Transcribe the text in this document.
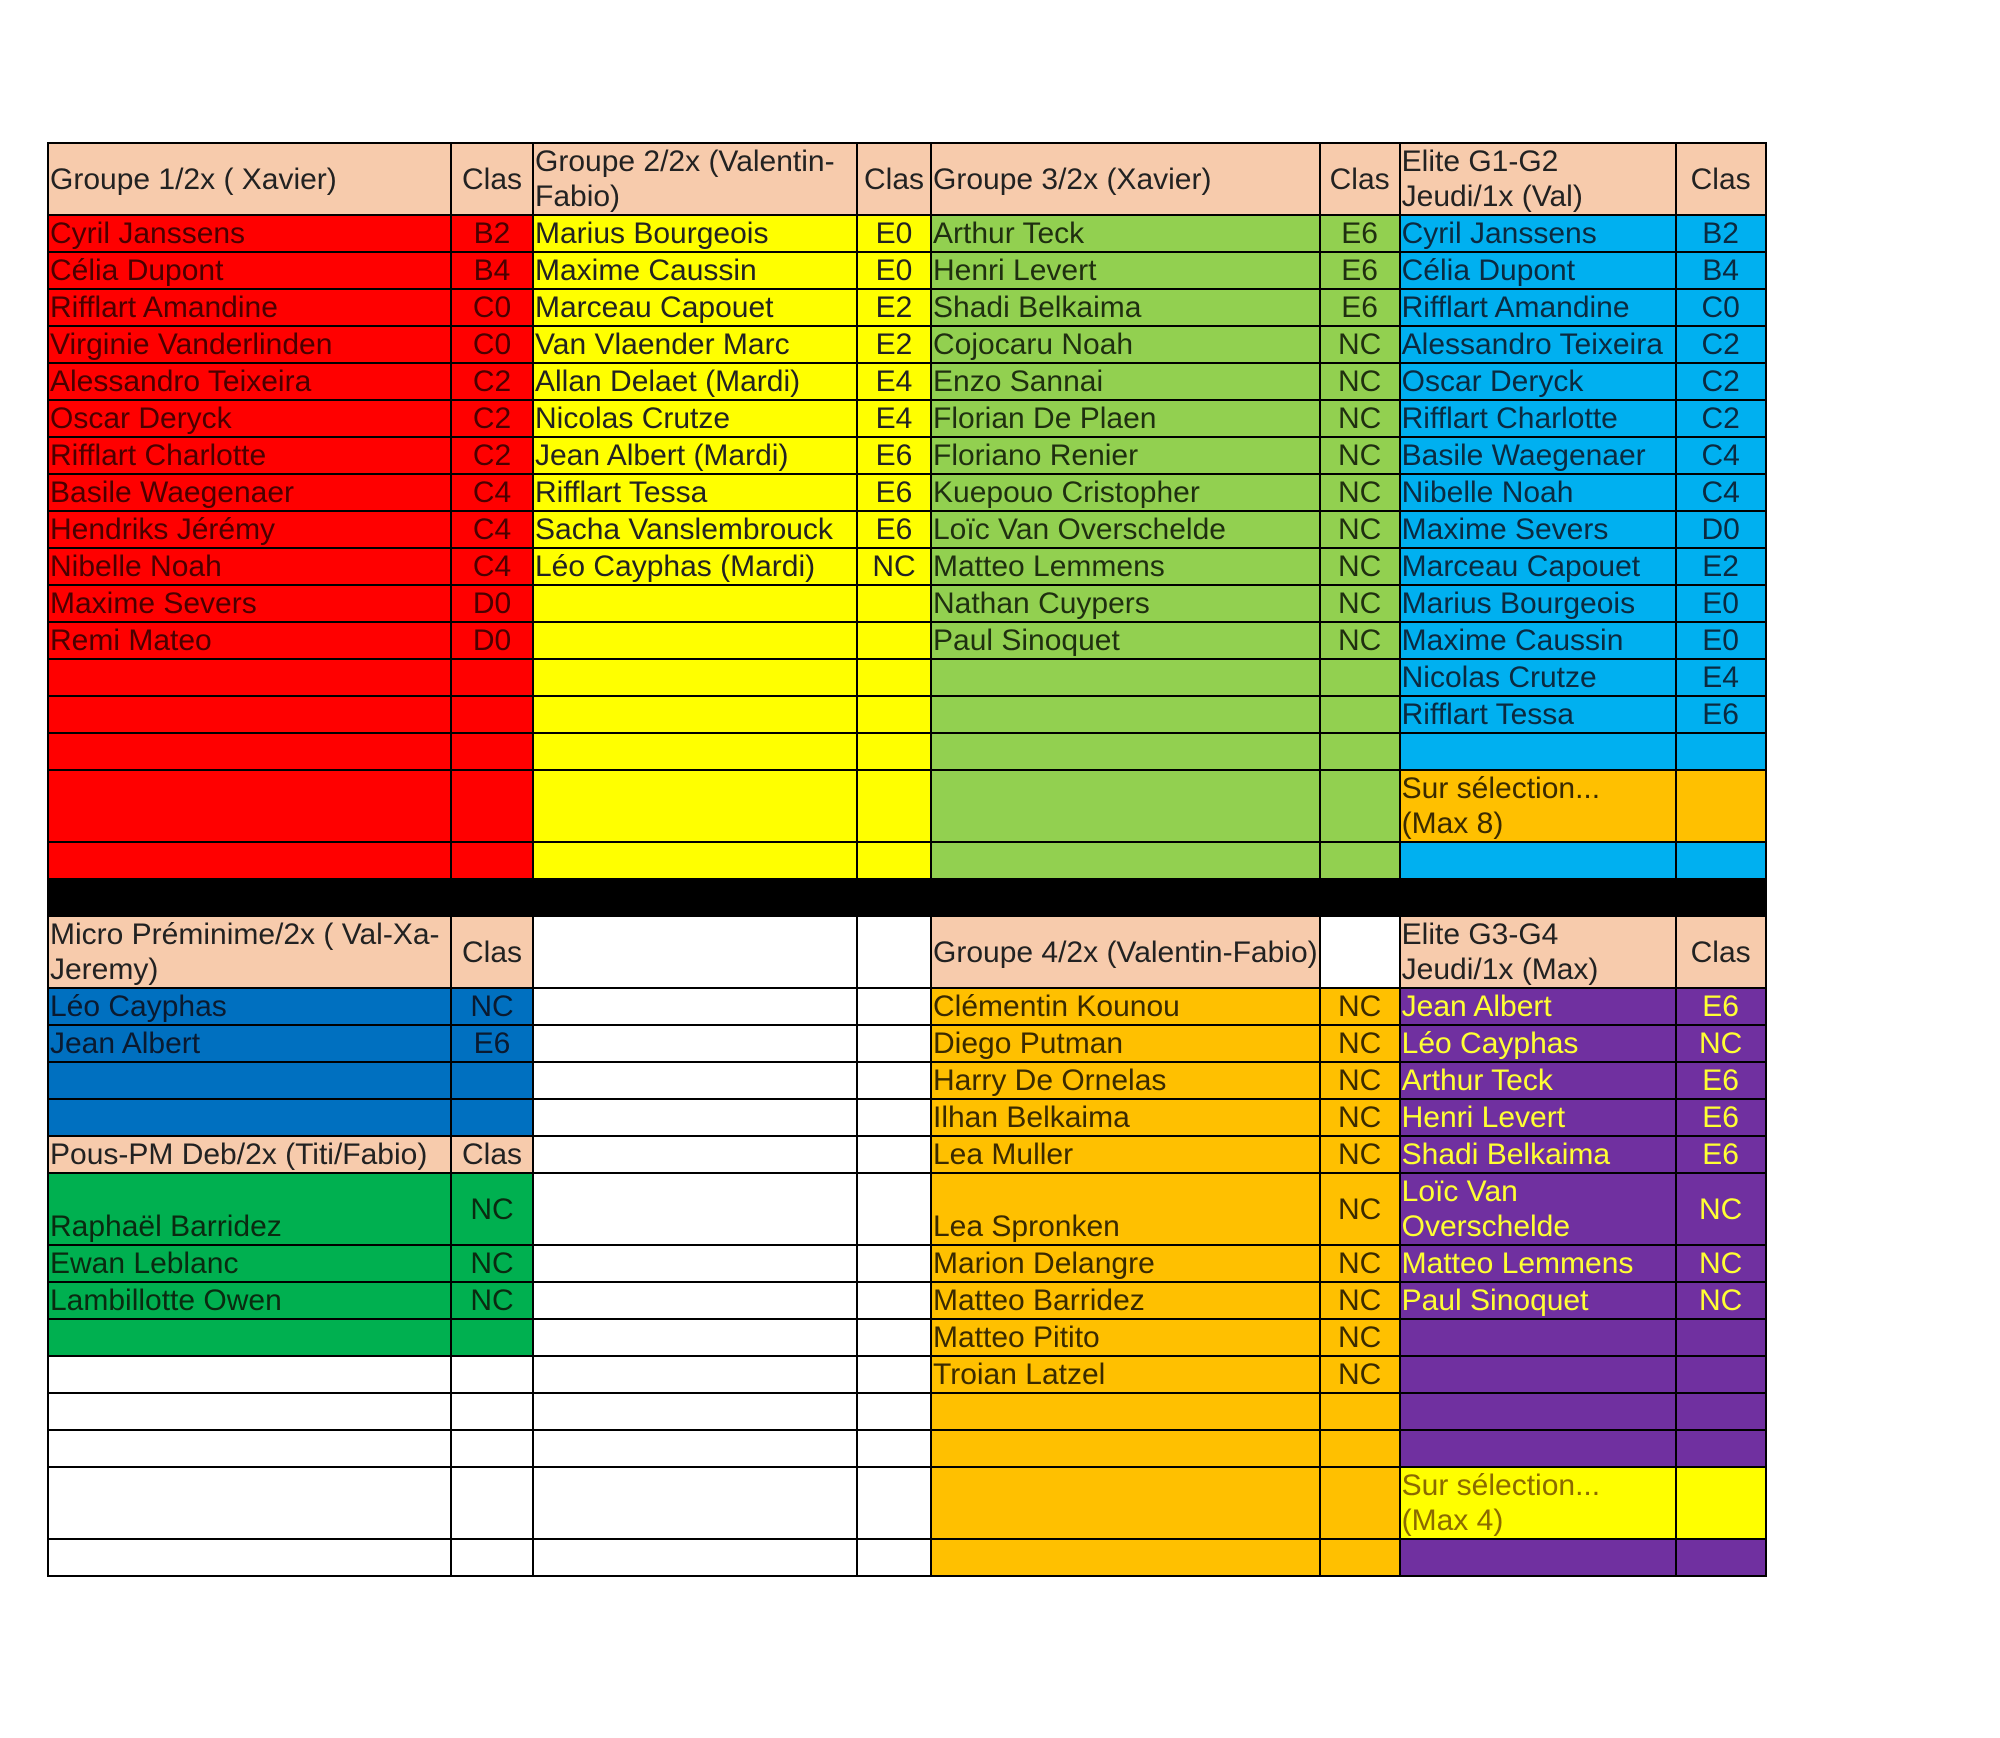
Groupe 1/2x ( Xavier)	Clas	Groupe 2/2x (Valentin-Fabio)	Clas	Groupe 3/2x (Xavier)	Clas	Elite G1-G2 Jeudi/1x (Val)	Clas
Cyril Janssens	B2	Marius Bourgeois	E0	Arthur Teck	E6	Cyril Janssens	B2
Célia Dupont	B4	Maxime Caussin	E0	Henri Levert	E6	Célia Dupont	B4
Rifflart Amandine	C0	Marceau Capouet	E2	Shadi Belkaima	E6	Rifflart Amandine	C0
Virginie Vanderlinden	C0	Van Vlaender Marc	E2	Cojocaru Noah	NC	Alessandro Teixeira	C2
Alessandro Teixeira	C2	Allan Delaet (Mardi)	E4	Enzo Sannai	NC	Oscar Deryck	C2
Oscar Deryck	C2	Nicolas Crutze	E4	Florian De Plaen	NC	Rifflart Charlotte	C2
Rifflart Charlotte	C2	Jean Albert (Mardi)	E6	Floriano Renier	NC	Basile Waegenaer	C4
Basile Waegenaer	C4	Rifflart Tessa	E6	Kuepouo Cristopher	NC	Nibelle Noah	C4
Hendriks Jérémy	C4	Sacha Vanslembrouck	E6	Loïc Van Overschelde	NC	Maxime Severs	D0
Nibelle Noah	C4	Léo Cayphas (Mardi)	NC	Matteo Lemmens	NC	Marceau Capouet	E2
Maxime Severs	D0			Nathan Cuypers	NC	Marius Bourgeois	E0
Remi Mateo	D0			Paul Sinoquet	NC	Maxime Caussin	E0
						Nicolas Crutze	E4
						Rifflart Tessa	E6

						Sur sélection... (Max 8)	

Micro Préminime/2x ( Val-Xa-Jeremy)	Clas			Groupe 4/2x (Valentin-Fabio)		Elite G3-G4 Jeudi/1x (Max)	Clas
Léo Cayphas	NC			Clémentin Kounou	NC	Jean Albert	E6
Jean Albert	E6			Diego Putman	NC	Léo Cayphas	NC
				Harry De Ornelas	NC	Arthur Teck	E6
				Ilhan Belkaima	NC	Henri Levert	E6
Pous-PM Deb/2x (Titi/Fabio)	Clas			Lea Muller	NC	Shadi Belkaima	E6
Raphaël Barridez	NC			Lea Spronken	NC	Loïc Van Overschelde	NC
Ewan Leblanc	NC			Marion Delangre	NC	Matteo Lemmens	NC
Lambillotte Owen	NC			Matteo Barridez	NC	Paul Sinoquet	NC
				Matteo Pitito	NC		
				Troian Latzel	NC		

						Sur sélection... (Max 4)	
